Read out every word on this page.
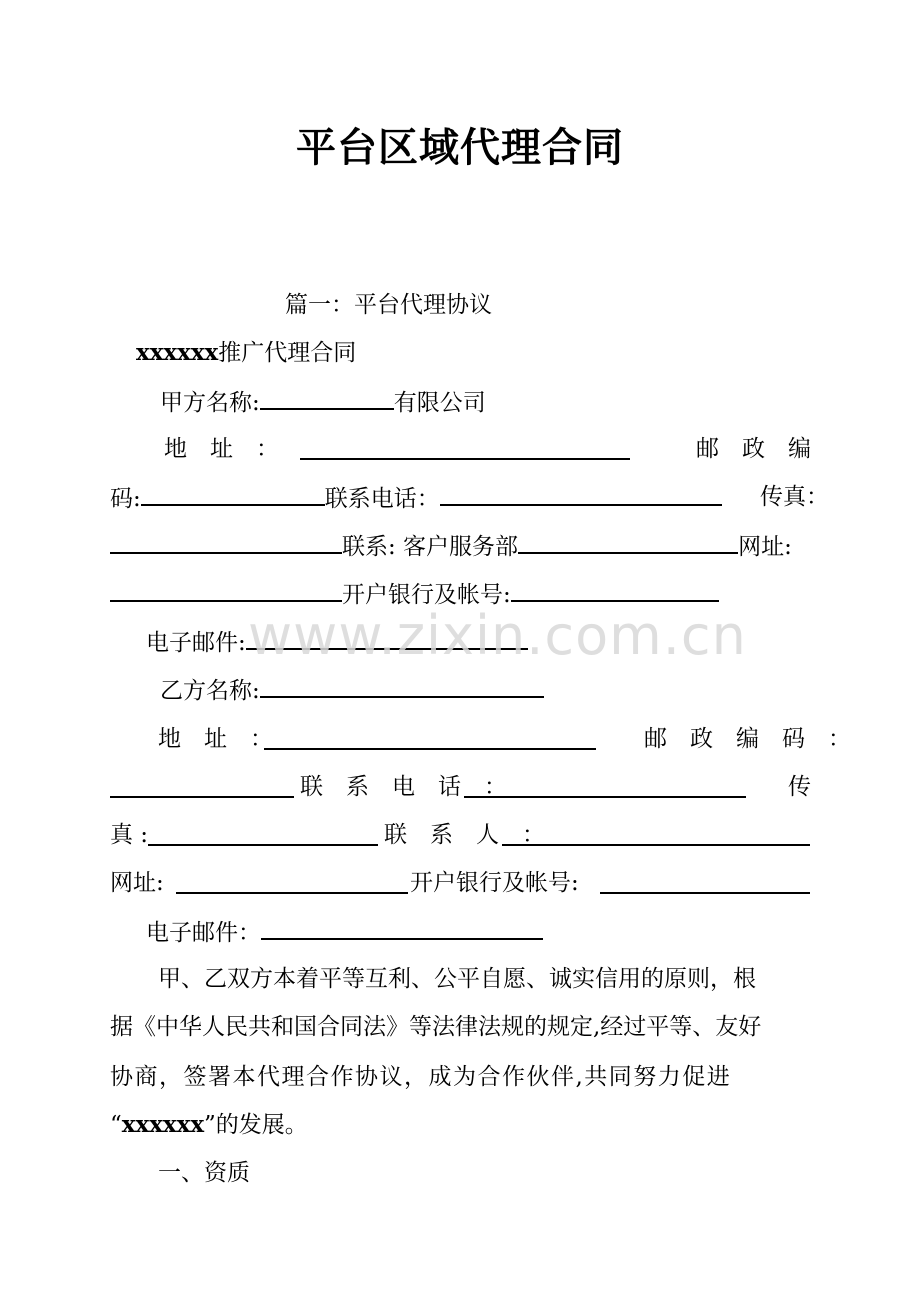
平台区域代理合同
篇一：平台代理协议
xxxxxx推广代理合同
甲方名称:	有限公司
地　址　：	邮　政　编
码:	联系电话：	传真：
联系: 客户服务部	网址:
开户银行及帐号:
电子邮件:
乙方名称:
地　址　：	邮　政　编　码　：
联　系　电　话　：	传
真 :	联　系　人　：
网址:	开户银行及帐号:
电子邮件：
甲、乙双方本着平等互利、公平自愿、诚实信用的原则，根
据《中华人民共和国合同法》等法律法规的规定,经过平等、友好
协商，签署本代理合作协议，成为合作伙伴,共同努力促进
“xxxxxx”的发展。
一、资质
www.zixin.com.cn
